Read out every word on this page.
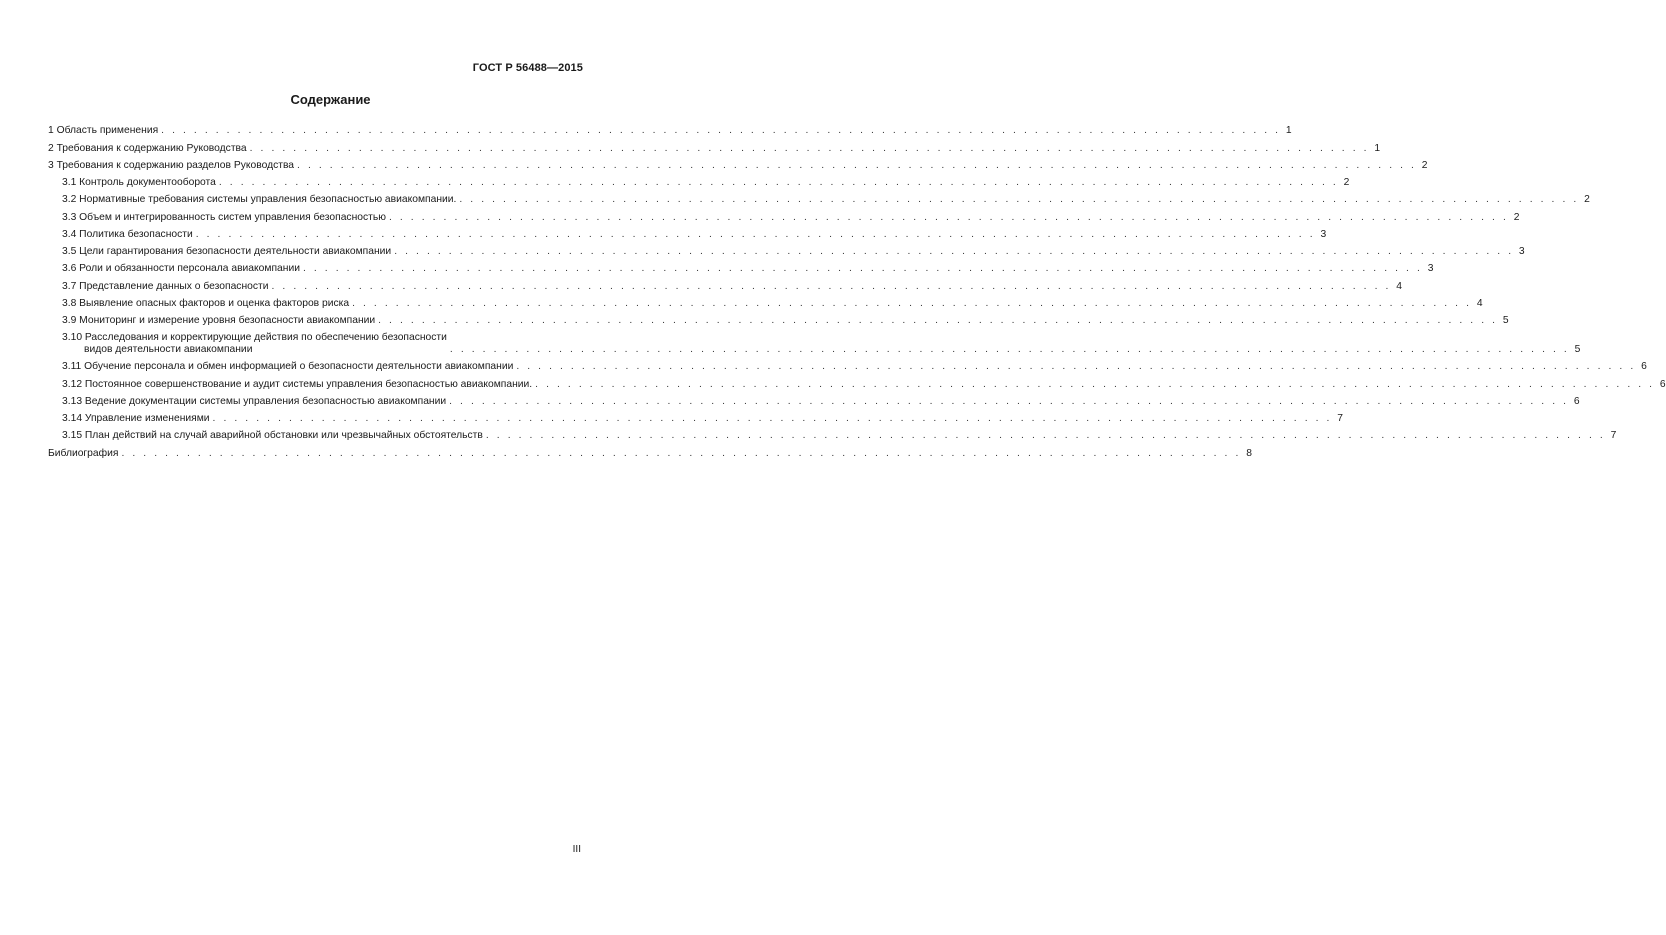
ГОСТ Р 56488—2015
Содержание
1 Область применения . . .	1
2 Требования к содержанию Руководства . . .	1
3 Требования к содержанию разделов Руководства . . .	2
3.1 Контроль документооборота . . .	2
3.2 Нормативные требования системы управления безопасностью авиакомпании. . . .	2
3.3 Объем и интегрированность систем управления безопасностью . . .	2
3.4 Политика безопасности . . .	3
3.5 Цели гарантирования безопасности деятельности авиакомпании . . .	3
3.6 Роли и обязанности персонала авиакомпании . . .	3
3.7 Представление данных о безопасности . . .	4
3.8 Выявление опасных факторов и оценка факторов риска . . .	4
3.9 Мониторинг и измерение уровня безопасности авиакомпании . . .	5
3.10 Расследования и корректирующие действия по обеспечению безопасности
видов деятельности авиакомпании . . .	5
3.11 Обучение персонала и обмен информацией о безопасности деятельности авиакомпании . . .	6
3.12 Постоянное совершенствование и аудит системы управления безопасностью авиакомпании. . . .	6
3.13 Ведение документации системы управления безопасностью авиакомпании . . .	6
3.14 Управление изменениями . . .	7
3.15 План действий на случай аварийной обстановки или чрезвычайных обстоятельств . . .	7
Библиография . . .	8
III
